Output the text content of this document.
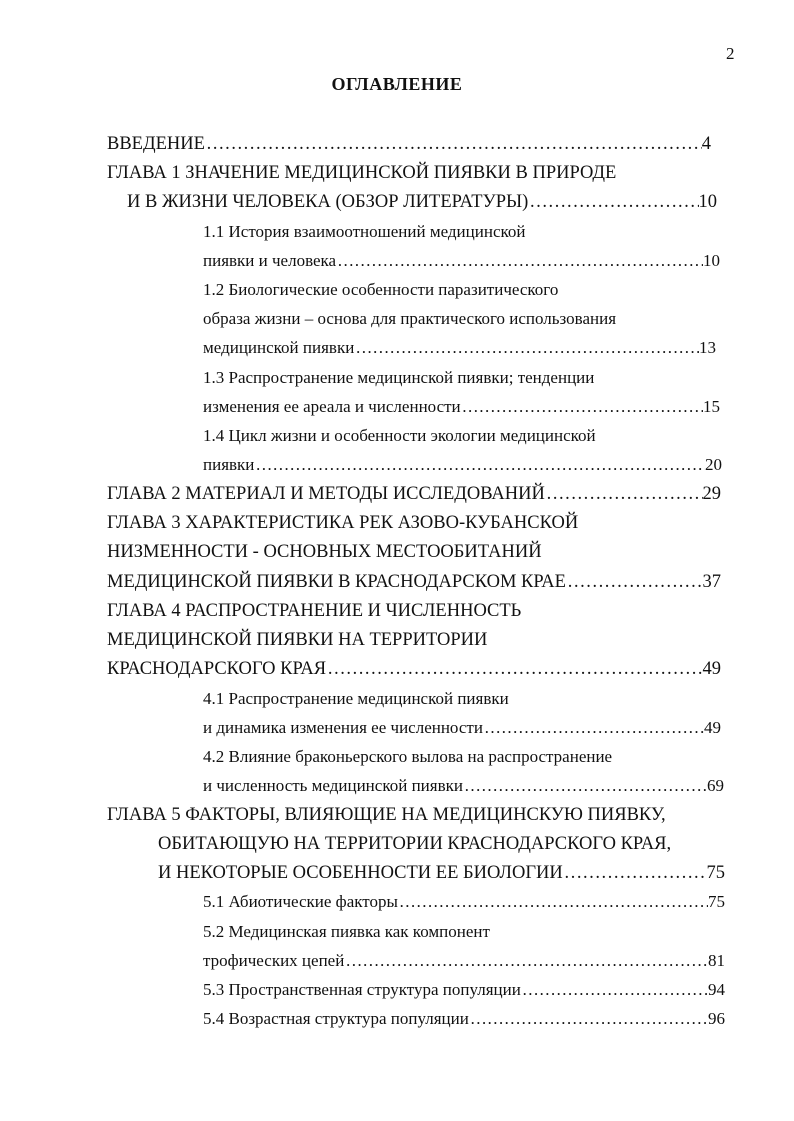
2
ОГЛАВЛЕНИЕ
ВВЕДЕНИЕ …………………………………………………………………………………………………………………………………………………………………………………………………………………………	4
ГЛАВА 1 ЗНАЧЕНИЕ МЕДИЦИНСКОЙ ПИЯВКИ В ПРИРОДЕ
И В ЖИЗНИ ЧЕЛОВЕКА (ОБЗОР ЛИТЕРАТУРЫ) …………………………………………………………………………………………………………………………………………………………………………………………………………………………	10
1.1 История взаимоотношений медицинской
пиявки и человека …………………………………………………………………………………………………………………………………………………………………………………………………………………………	10
1.2 Биологические особенности паразитического
образа жизни – основа для практического использования
медицинской пиявки …………………………………………………………………………………………………………………………………………………………………………………………………………………………	13
1.3 Распространение медицинской пиявки; тенденции
изменения ее ареала и численности …………………………………………………………………………………………………………………………………………………………………………………………………………………………	15
1.4 Цикл жизни и особенности экологии медицинской
пиявки …………………………………………………………………………………………………………………………………………………………………………………………………………………………	20
ГЛАВА 2 МАТЕРИАЛ И МЕТОДЫ ИССЛЕДОВАНИЙ …………………………………………………………………………………………………………………………………………………………………………………………………………………………	29
ГЛАВА 3 ХАРАКТЕРИСТИКА РЕК АЗОВО-КУБАНСКОЙ
НИЗМЕННОСТИ - ОСНОВНЫХ МЕСТООБИТАНИЙ
МЕДИЦИНСКОЙ ПИЯВКИ В КРАСНОДАРСКОМ КРАЕ …………………………………………………………………………………………………………………………………………………………………………………………………………………………	37
ГЛАВА 4 РАСПРОСТРАНЕНИЕ И ЧИСЛЕННОСТЬ
МЕДИЦИНСКОЙ ПИЯВКИ НА ТЕРРИТОРИИ
КРАСНОДАРСКОГО КРАЯ …………………………………………………………………………………………………………………………………………………………………………………………………………………………	49
4.1 Распространение медицинской пиявки
и динамика изменения ее численности …………………………………………………………………………………………………………………………………………………………………………………………………………………………	49
4.2 Влияние браконьерского вылова на распространение
и численность медицинской пиявки …………………………………………………………………………………………………………………………………………………………………………………………………………………………	69
ГЛАВА 5 ФАКТОРЫ, ВЛИЯЮЩИЕ НА МЕДИЦИНСКУЮ ПИЯВКУ,
ОБИТАЮЩУЮ НА ТЕРРИТОРИИ КРАСНОДАРСКОГО КРАЯ,
И НЕКОТОРЫЕ ОСОБЕННОСТИ ЕЕ БИОЛОГИИ …………………………………………………………………………………………………………………………………………………………………………………………………………………………	75
5.1 Абиотические факторы …………………………………………………………………………………………………………………………………………………………………………………………………………………………	75
5.2 Медицинская пиявка как компонент
трофических цепей …………………………………………………………………………………………………………………………………………………………………………………………………………………………	81
5.3 Пространственная структура популяции …………………………………………………………………………………………………………………………………………………………………………………………………………………………	94
5.4 Возрастная структура популяции …………………………………………………………………………………………………………………………………………………………………………………………………………………………	96
